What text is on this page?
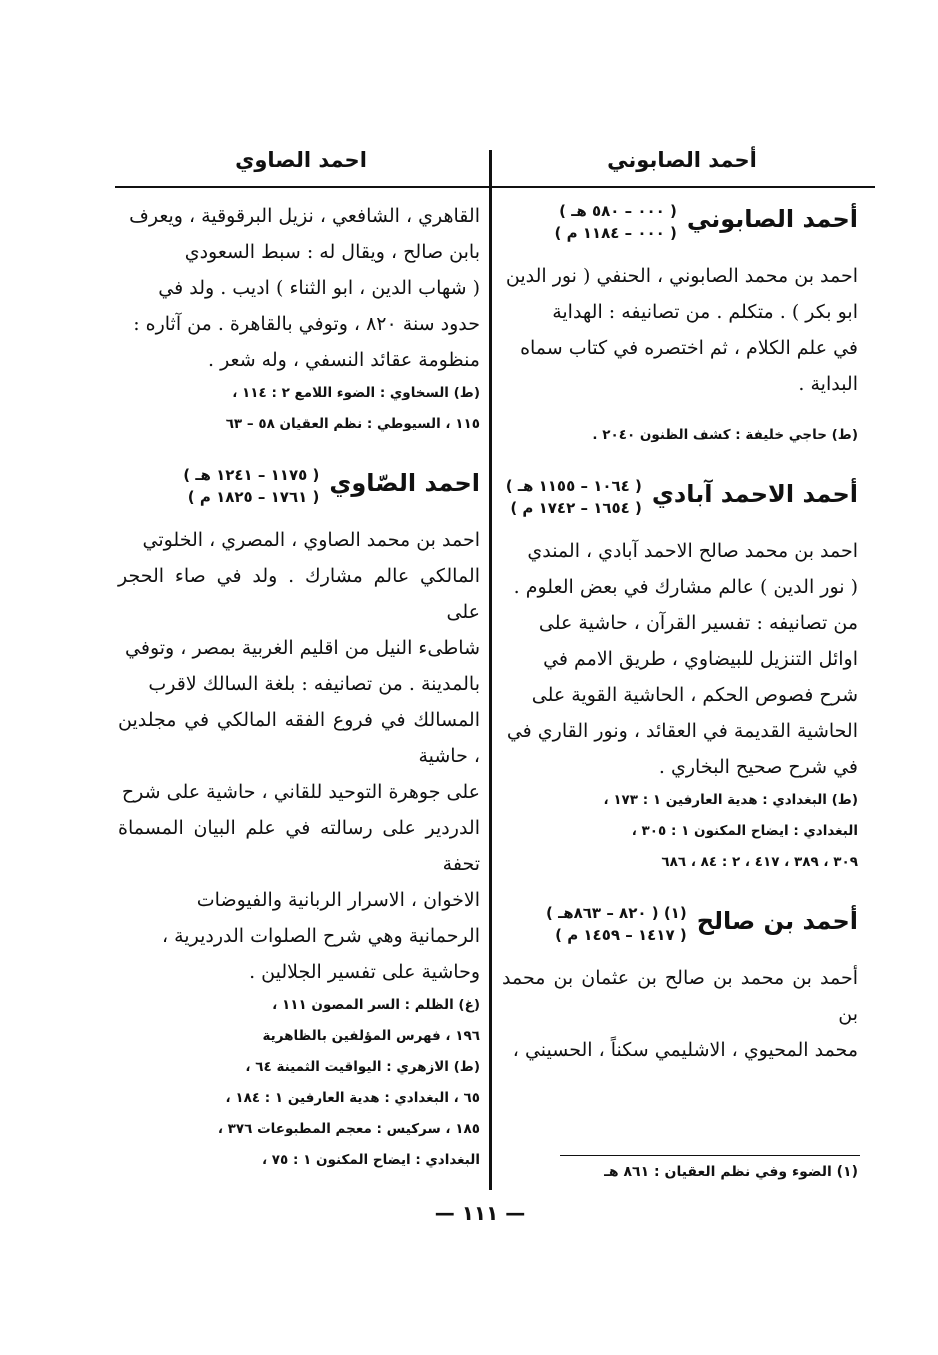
أحمد الصابوني
احمد الصاوي
أحمد الصابوني
( ٠٠٠ – ٥٨٠ هـ )
( ٠٠٠ – ١١٨٤ م )

احمد بن محمد الصابوني ، الحنفي ( نور الدين

ابو بكر ) . متكلم . من تصانيفه : الهداية

في علم الكلام ، ثم اختصره في كتاب سماه

البداية .

(ط) حاجي خليفة : كشف الظنون ٢٠٤٠ .

أحمد الاحمد آبادي
( ١٠٦٤ – ١١٥٥ هـ )
( ١٦٥٤ – ١٧٤٢ م )

احمد بن محمد صالح الاحمد آبادي ، المندي

( نور الدين ) عالم مشارك في بعض العلوم .

من تصانيفه : تفسير القرآن ، حاشية على

اوائل التنزيل للبيضاوي ، طريق الامم في

شرح فصوص الحكم ، الحاشية القوية على

الحاشية القديمة في العقائد ، ونور القاري في

في شرح صحيح البخاري .

(ط) البغدادي : هدية العارفين ١ : ١٧٣ ،

البغدادي : ايضاح المكنون ١ : ٣٠٥ ،

٣٠٩ ، ٣٨٩ ، ٤١٧ ، ٢ : ٨٤ ، ٦٨٦

أحمد بن صالح
( ٨٢٠ – ٨٦٣هـ ) (١)
( ١٤١٧ – ١٤٥٩ م )

أحمد بن محمد بن صالح بن عثمان بن محمد بن

محمد المحيوي ، الاشليمي سكناً ، الحسيني ،

القاهري ، الشافعي ، نزيل البرقوقية ، ويعرف

بابن صالح ، ويقال له : سبط السعودي

( شهاب الدين ، ابو الثناء ) اديب . ولد في

حدود سنة ٨٢٠ ، وتوفي بالقاهرة . من آثاره :

منظومة عقائد النسفي ، وله شعر .

(ط) السخاوي : الضوء اللامع ٢ : ١١٤ ،

١١٥ ، السيوطي : نظم العقيان ٥٨ – ٦٣

احمد الصّاوي
( ١١٧٥ – ١٢٤١ هـ )
( ١٧٦١ – ١٨٢٥ م )

احمد بن محمد الصاوي ، المصري ، الخلوتي

المالكي عالم مشارك . ولد في صاء الحجر على

شاطىء النيل من اقليم الغربية بمصر ، وتوفي

بالمدينة . من تصانيفه : بلغة السالك لاقرب

المسالك في فروع الفقه المالكي في مجلدين ، حاشية

على جوهرة التوحيد للقاني ، حاشية على شرح

الدردير على رسالته في علم البيان المسماة تحفة

الاخوان ، الاسرار الربانية والفيوضات

الرحمانية وهي شرح الصلوات الدردیرية ،

وحاشية على تفسير الجلالين .

(غ) الظلم : السر المصون ١١١ ،

١٩٦ ، فهرس المؤلفين بالظاهرية

(ط) الازهري : اليواقيت الثمينة ٦٤ ،

٦٥ ، البغدادي : هدية العارفين ١ : ١٨٤ ،

١٨٥ ، سركيس : معجم المطبوعات ٣٧٦ ،

البغدادي : ايضاح المكنون ١ : ٧٥ ،

(١) الضوء وفي نظم العقيان : ٨٦١ هـ
— ١١١ —
